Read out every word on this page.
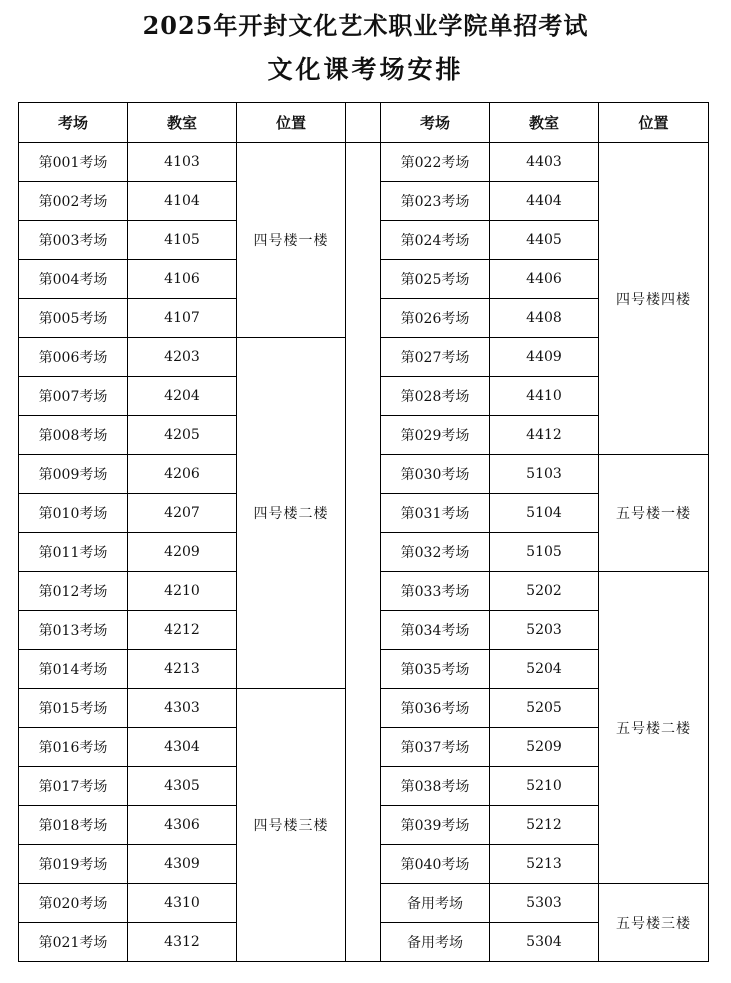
2025年开封文化艺术职业学院单招考试
文化课考场安排
考场	教室	位置		考场	教室	位置
第001考场	4103	四号楼一楼		第022考场	4403	四号楼四楼
第002考场	4104			第023考场	4404	
第003考场	4105			第024考场	4405	
第004考场	4106			第025考场	4406	
第005考场	4107			第026考场	4408	
第006考场	4203	四号楼二楼		第027考场	4409	
第007考场	4204			第028考场	4410	
第008考场	4205			第029考场	4412	
第009考场	4206			第030考场	5103	五号楼一楼
第010考场	4207			第031考场	5104	
第011考场	4209			第032考场	5105	
第012考场	4210			第033考场	5202	五号楼二楼
第013考场	4212			第034考场	5203	
第014考场	4213			第035考场	5204	
第015考场	4303	四号楼三楼		第036考场	5205	
第016考场	4304			第037考场	5209	
第017考场	4305			第038考场	5210	
第018考场	4306			第039考场	5212	
第019考场	4309			第040考场	5213	
第020考场	4310			备用考场	5303	五号楼三楼
第021考场	4312			备用考场	5304	
